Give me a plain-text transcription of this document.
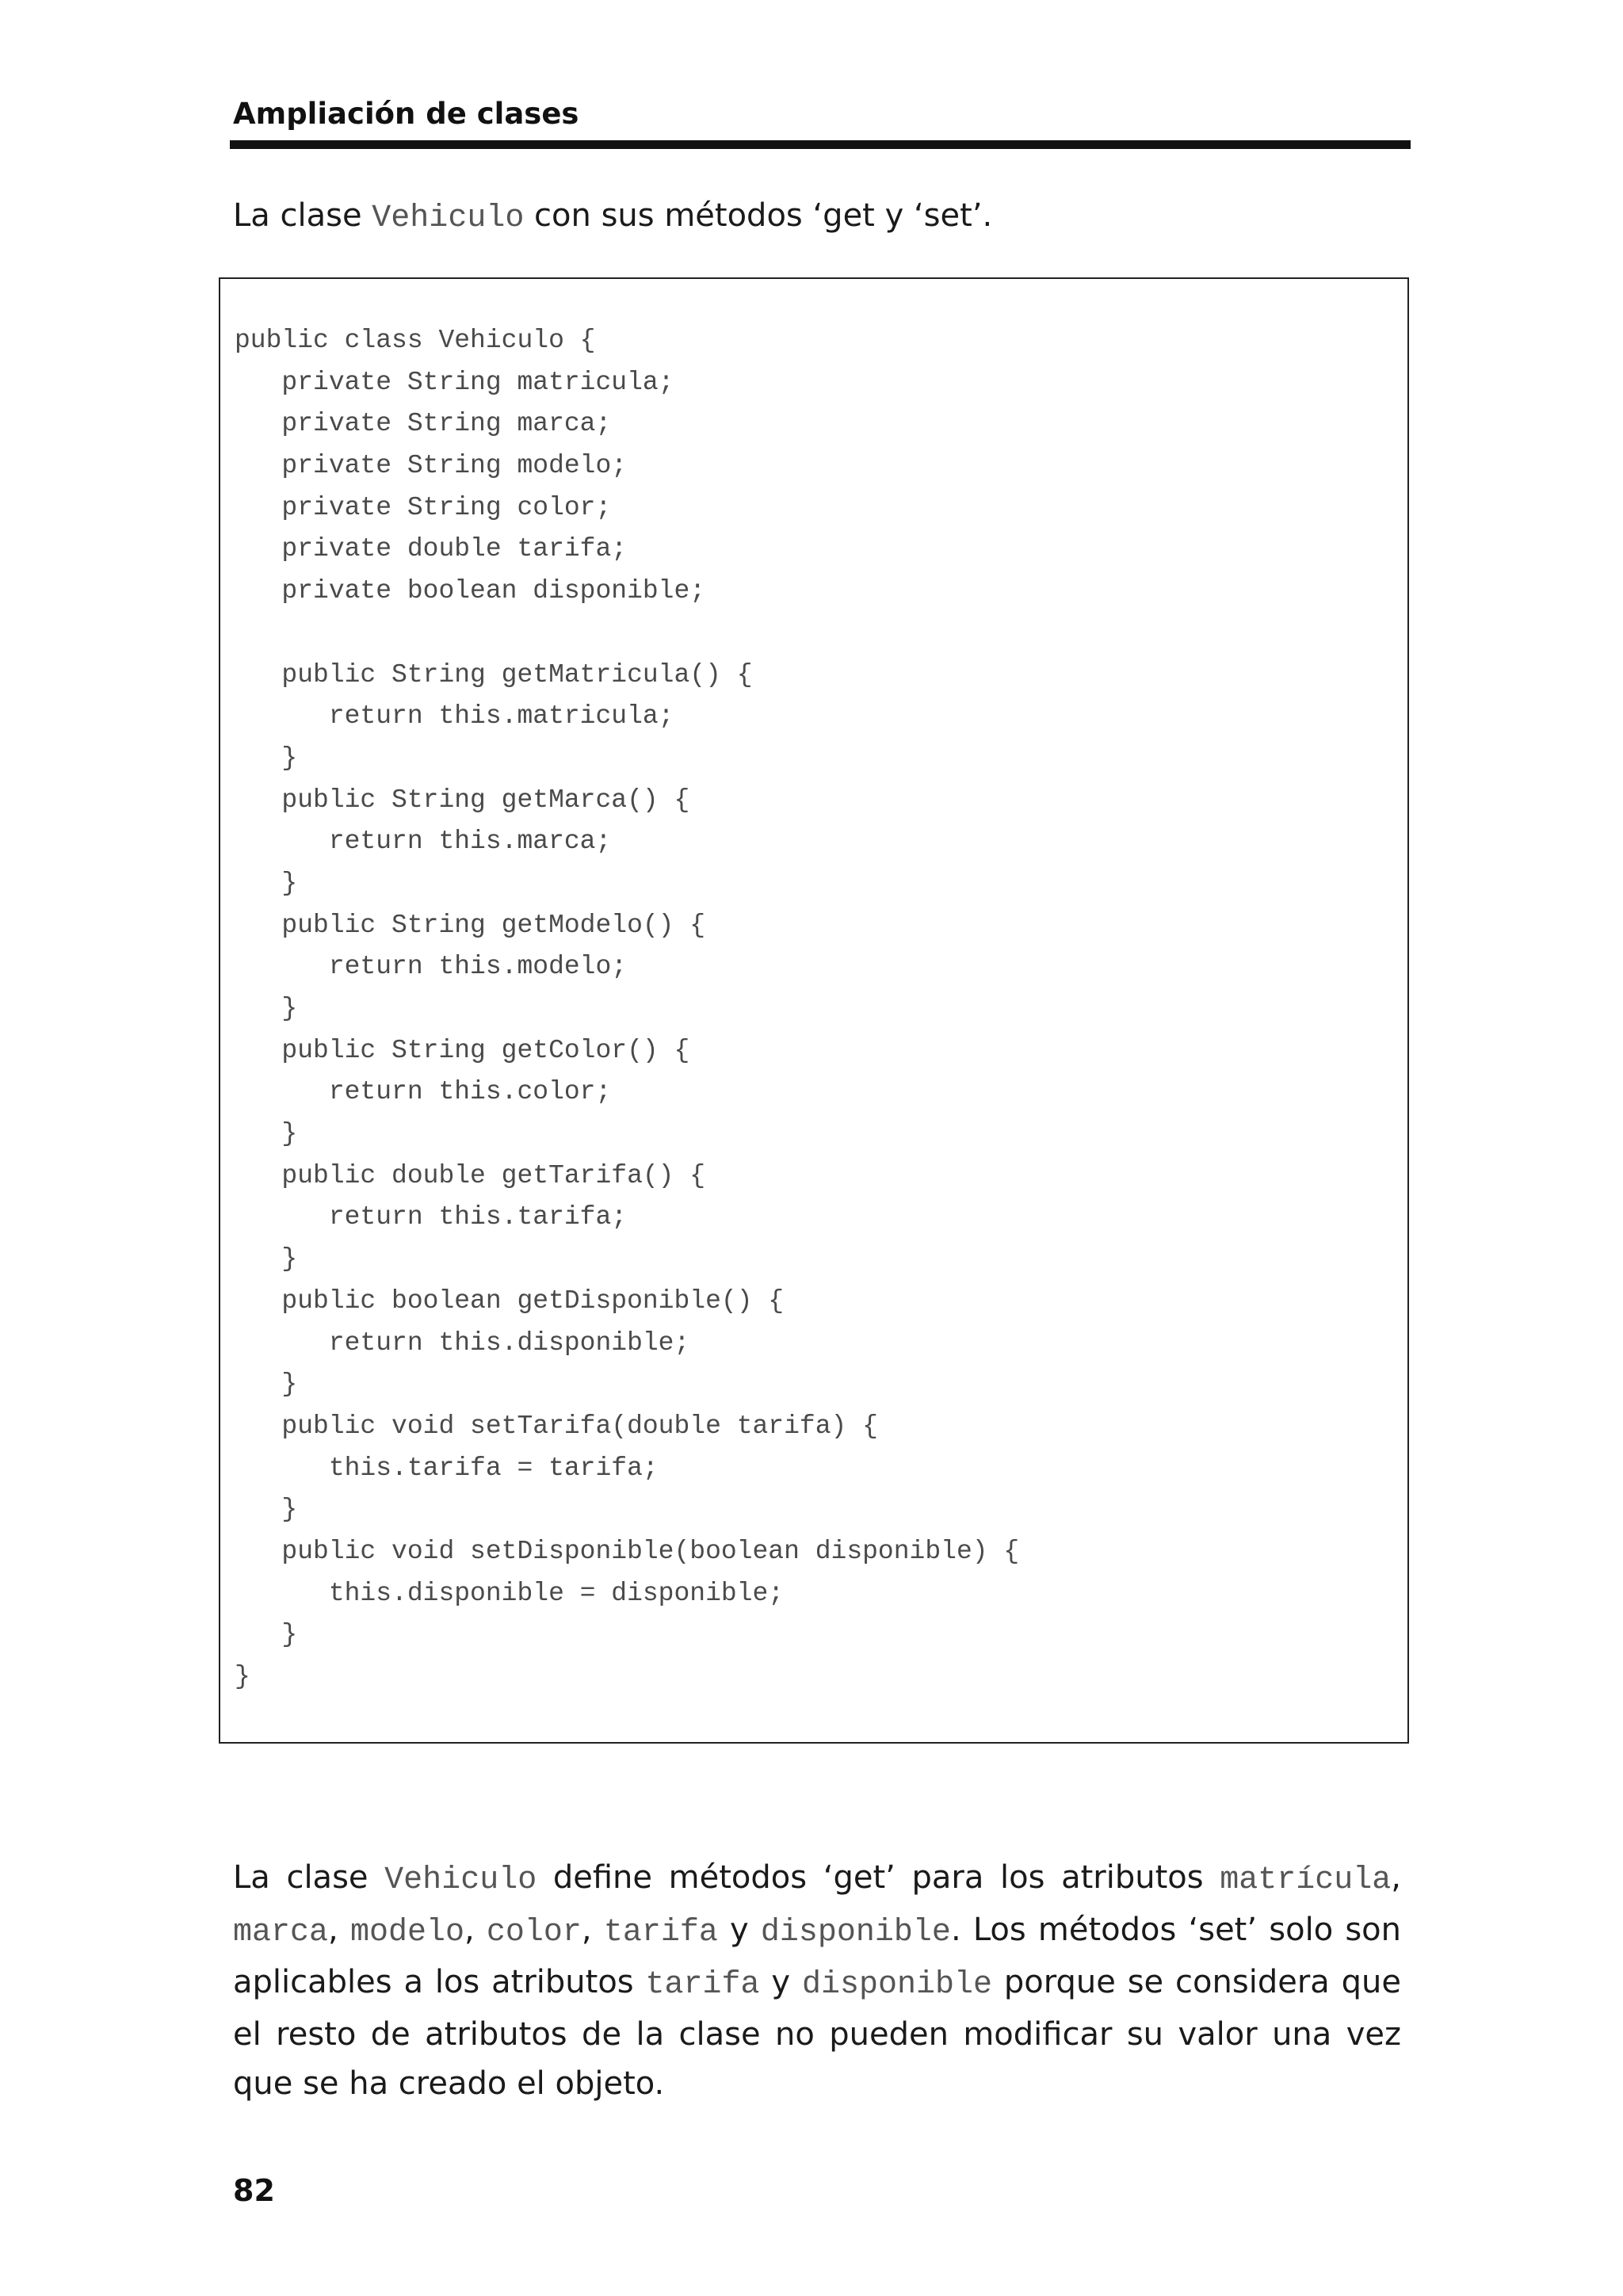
Ampliación de clases
La clase Vehiculo con sus métodos ‘get y ‘set’.
public class Vehiculo {
private String matricula;
private String marca;
private String modelo;
private String color;
private double tarifa;
private boolean disponible;
public String getMatricula() {
return this.matricula;
}
public String getMarca() {
return this.marca;
}
public String getModelo() {
return this.modelo;
}
public String getColor() {
return this.color;
}
public double getTarifa() {
return this.tarifa;
}
public boolean getDisponible() {
return this.disponible;
}
public void setTarifa(double tarifa) {
this.tarifa = tarifa;
}
public void setDisponible(boolean disponible) {
this.disponible = disponible;
}
}

La clase Vehiculo define métodos ‘get’ para los atributos matrícula, marca, modelo, color, tarifa y disponible. Los métodos ‘set’ solo son aplicables a los atributos tarifa y disponible porque se considera que el resto de atributos de la clase no pueden modificar su valor una vez que se ha creado el objeto.

82
